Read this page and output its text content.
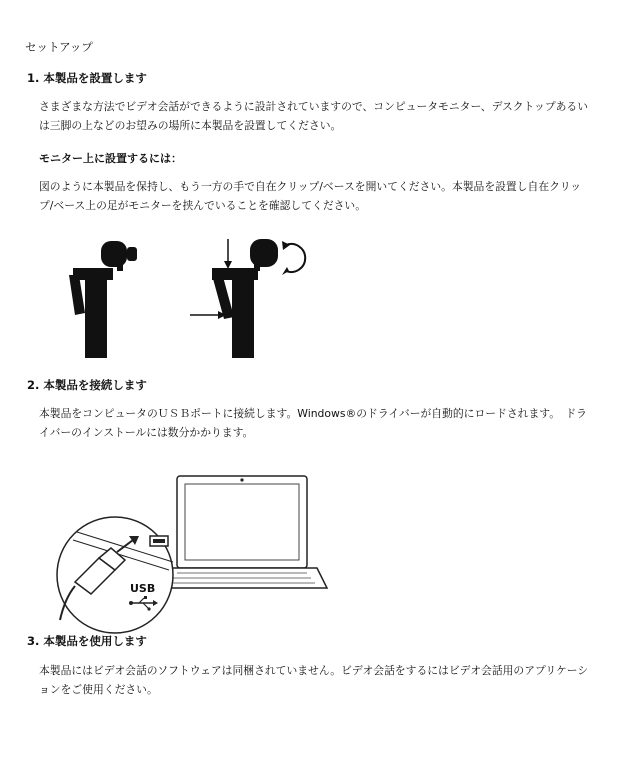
セットアップ

1. 本製品を設置します

さまざまな方法でビデオ会話ができるように設計されていますので、コンピュータモニター、デスクトップあるい
は三脚の上などのお望みの場所に本製品を設置してください。

モニター上に設置するには：

図のように本製品を保持し、もう一方の手で自在クリップ/ベースを開いてください。本製品を設置し自在クリッ
プ/ベース上の足がモニターを挟んでいることを確認してください。

2. 本製品を接続します

本製品をコンピュータのＵＳＢポートに接続します。Windows®のドライバーが自動的にロードされます。　ドラ
イバーのインストールには数分かかります。

USB

3. 本製品を使用します

本製品にはビデオ会話のソフトウェアは同梱されていません。ビデオ会話をするにはビデオ会話用のアプリケーシ
ョンをご使用ください。
